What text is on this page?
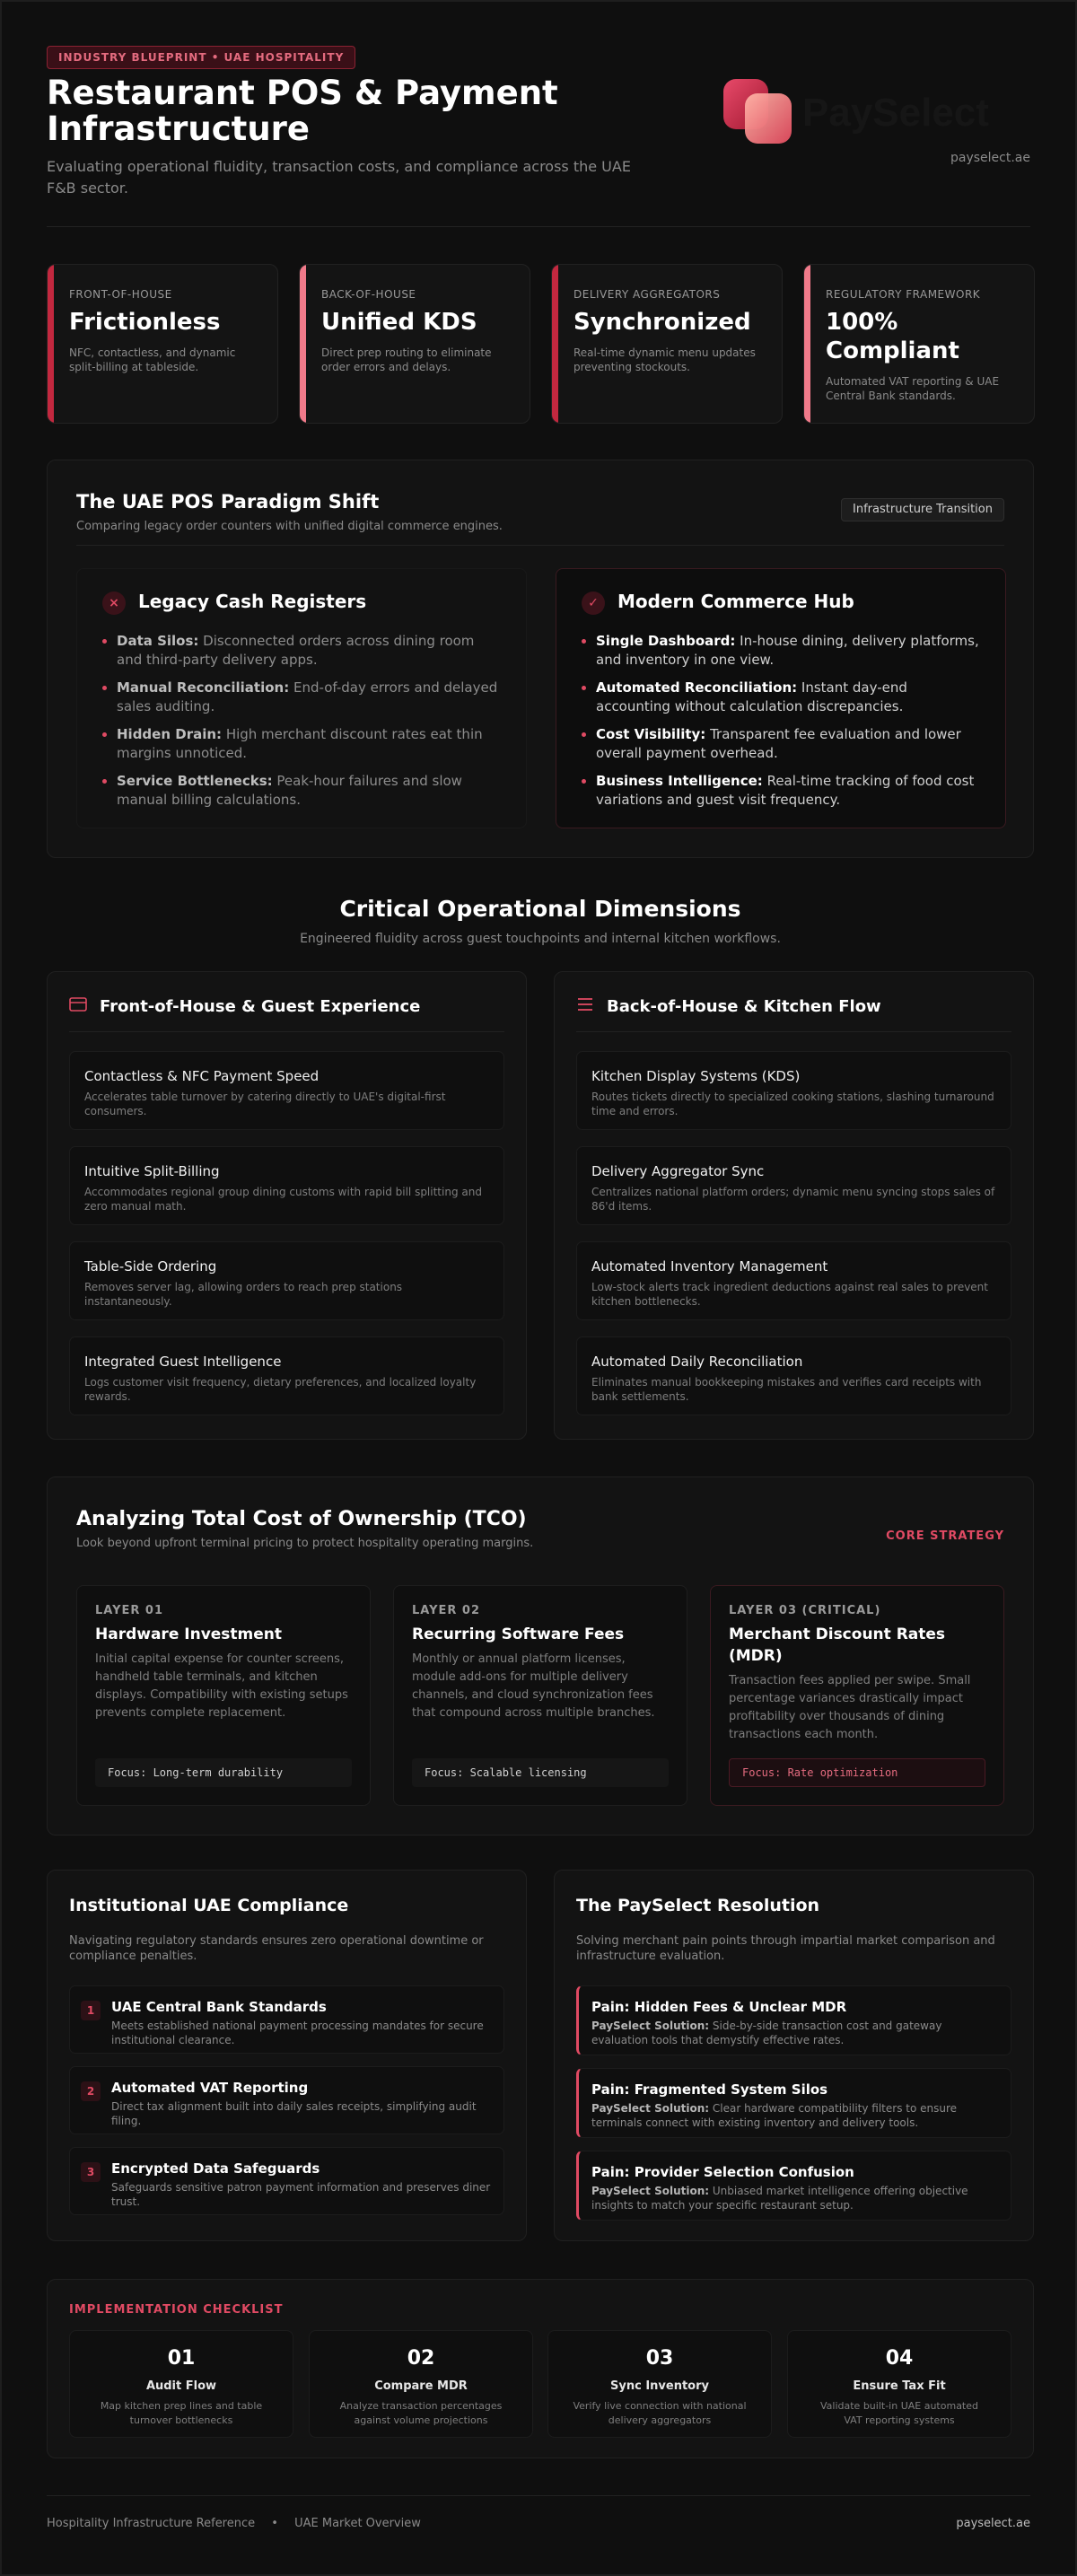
INDUSTRY BLUEPRINT • UAE HOSPITALITY
Restaurant POS & Payment Infrastructure
Evaluating operational fluidity, transaction costs, and compliance across the UAE F&B sector.
PaySelect
payselect.ae
FRONT-OF-HOUSE
Frictionless
NFC, contactless, and dynamic split-billing at tableside.
BACK-OF-HOUSE
Unified KDS
Direct prep routing to eliminate order errors and delays.
DELIVERY AGGREGATORS
Synchronized
Real-time dynamic menu updates preventing stockouts.
REGULATORY FRAMEWORK
100% Compliant
Automated VAT reporting & UAE Central Bank standards.
The UAE POS Paradigm Shift
Comparing legacy order counters with unified digital commerce engines.
Infrastructure Transition
× Legacy Cash Registers
Data Silos: Disconnected orders across dining room and third-party delivery apps.
Manual Reconciliation: End-of-day errors and delayed sales auditing.
Hidden Drain: High merchant discount rates eat thin margins unnoticed.
Service Bottlenecks: Peak-hour failures and slow manual billing calculations.
✓ Modern Commerce Hub
Single Dashboard: In-house dining, delivery platforms, and inventory in one view.
Automated Reconciliation: Instant day-end accounting without calculation discrepancies.
Cost Visibility: Transparent fee evaluation and lower overall payment overhead.
Business Intelligence: Real-time tracking of food cost variations and guest visit frequency.
Critical Operational Dimensions
Engineered fluidity across guest touchpoints and internal kitchen workflows.
Front-of-House & Guest Experience
Contactless & NFC Payment Speed
Accelerates table turnover by catering directly to UAE's digital-first consumers.
Intuitive Split-Billing
Accommodates regional group dining customs with rapid bill splitting and zero manual math.
Table-Side Ordering
Removes server lag, allowing orders to reach prep stations instantaneously.
Integrated Guest Intelligence
Logs customer visit frequency, dietary preferences, and localized loyalty rewards.
Back-of-House & Kitchen Flow
Kitchen Display Systems (KDS)
Routes tickets directly to specialized cooking stations, slashing turnaround time and errors.
Delivery Aggregator Sync
Centralizes national platform orders; dynamic menu syncing stops sales of 86'd items.
Automated Inventory Management
Low-stock alerts track ingredient deductions against real sales to prevent kitchen bottlenecks.
Automated Daily Reconciliation
Eliminates manual bookkeeping mistakes and verifies card receipts with bank settlements.
Analyzing Total Cost of Ownership (TCO)
Look beyond upfront terminal pricing to protect hospitality operating margins.
CORE STRATEGY
LAYER 01
Hardware Investment
Initial capital expense for counter screens, handheld table terminals, and kitchen displays. Compatibility with existing setups prevents complete replacement.
Focus: Long-term durability
LAYER 02
Recurring Software Fees
Monthly or annual platform licenses, module add-ons for multiple delivery channels, and cloud synchronization fees that compound across multiple branches.
Focus: Scalable licensing
LAYER 03 (CRITICAL)
Merchant Discount Rates (MDR)
Transaction fees applied per swipe. Small percentage variances drastically impact profitability over thousands of dining transactions each month.
Focus: Rate optimization
Institutional UAE Compliance
Navigating regulatory standards ensures zero operational downtime or compliance penalties.
1	UAE Central Bank Standards
Meets established national payment processing mandates for secure institutional clearance.
2	Automated VAT Reporting
Direct tax alignment built into daily sales receipts, simplifying audit filing.
3	Encrypted Data Safeguards
Safeguards sensitive patron payment information and preserves diner trust.
The PaySelect Resolution
Solving merchant pain points through impartial market comparison and infrastructure evaluation.
Pain: Hidden Fees & Unclear MDR
PaySelect Solution: Side-by-side transaction cost and gateway evaluation tools that demystify effective rates.
Pain: Fragmented System Silos
PaySelect Solution: Clear hardware compatibility filters to ensure terminals connect with existing inventory and delivery tools.
Pain: Provider Selection Confusion
PaySelect Solution: Unbiased market intelligence offering objective insights to match your specific restaurant setup.
IMPLEMENTATION CHECKLIST
01
Audit Flow
Map kitchen prep lines and table turnover bottlenecks
02
Compare MDR
Analyze transaction percentages against volume projections
03
Sync Inventory
Verify live connection with national delivery aggregators
04
Ensure Tax Fit
Validate built-in UAE automated VAT reporting systems
Hospitality Infrastructure Reference • UAE Market Overview	payselect.ae
